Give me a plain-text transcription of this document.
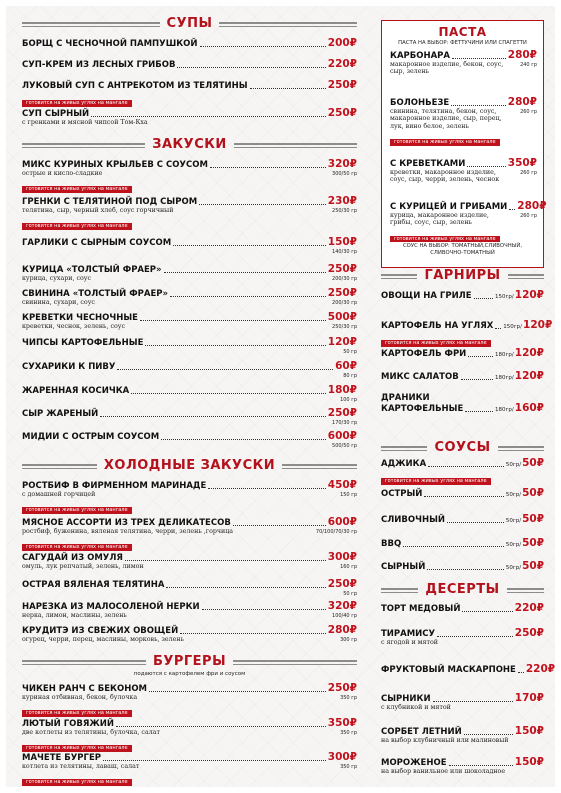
СУПЫ
БОРЩ С ЧЕСНОЧНОЙ ПАМПУШКОЙ	200₽
СУП-КРЕМ ИЗ ЛЕСНЫХ ГРИБОВ	220₽
ЛУКОВЫЙ СУП С АНТРЕКОТОМ ИЗ ТЕЛЯТИНЫ	250₽
готовится на живых углях на мангале
СУП СЫРНЫЙ	250₽
с гренками и мясной чипсой Том-Кха
ЗАКУСКИ
МИКС КУРИНЫХ КРЫЛЬЕВ С СОУСОМ	320₽
острые и кисло-сладкие	300/50 гр
готовится на живых углях на мангале
ГРЕНКИ С ТЕЛЯТИНОЙ ПОД СЫРОМ	230₽
телятина, сыр, черный хлеб, соус горчичный	250/30 гр
готовится на живых углях на мангале
ГАРЛИКИ С СЫРНЫМ СОУСОМ	150₽
140/30 гр
КУРИЦА «ТОЛСТЫЙ ФРАЕР»	250₽
курица, сухари, соус	200/30 гр
СВИНИНА «ТОЛСТЫЙ ФРАЕР»	250₽
свинина, сухари, соус	200/30 гр
КРЕВЕТКИ ЧЕСНОЧНЫЕ	500₽
креветки, чеснок, зелень, соус	250/30 гр
ЧИПСЫ КАРТОФЕЛЬНЫЕ	120₽
50 гр
СУХАРИКИ К ПИВУ	60₽
80 гр
ЖАРЕННАЯ КОСИЧКА	180₽
100 гр
СЫР ЖАРЕНЫЙ	250₽
170/30 гр
МИДИИ С ОСТРЫМ СОУСОМ	600₽
500/50 гр
ХОЛОДНЫЕ ЗАКУСКИ
РОСТБИФ В ФИРМЕННОМ МАРИНАДЕ	450₽
с домашней горчицей	150 гр
готовится на живых углях на мангале
МЯСНОЕ АССОРТИ ИЗ ТРЕХ ДЕЛИКАТЕСОВ	600₽
ростбиф, буженина, вяленая телятина, черри, зелень ,горчица	70/100/70/30 гр
готовится на живых углях на мангале
САГУДАЙ ИЗ ОМУЛЯ	300₽
омуль, лук репчатый, зелень, лимон	160 гр
ОСТРАЯ ВЯЛЕНАЯ ТЕЛЯТИНА	250₽
50 гр
НАРЕЗКА ИЗ МАЛОСОЛЕНОЙ НЕРКИ	320₽
нерка, лимон, маслины, зелень	100/40 гр
КРУДИТЭ ИЗ СВЕЖИХ ОВОЩЕЙ	280₽
огурец, черри, перец, маслины, морковь, зелень	300 гр
БУРГЕРЫ
подаются с картофелем фри и соусом
ЧИКЕН РАНЧ С БЕКОНОМ	250₽
куриная отбивная, бекон, булочка	350 гр
готовится на живых углях на мангале
ЛЮТЫЙ ГОВЯЖИЙ	350₽
две котлеты из телятины, булочка, салат	350 гр
готовится на живых углях на мангале
МАЧЕТЕ БУРГЕР	300₽
котлета из телятины, лаваш, салат	350 гр
готовится на живых углях на мангале
ПАСТА
ПАСТА НА ВЫБОР: ФЕТТУЧИНИ ИЛИ СПАГЕТТИ
КАРБОНАРА	280₽
макаронное изделие, бекон, соус, сыр, зелень
240 гр
БОЛОНЬЕЗЕ	280₽
свинина, телятина, бекон, соус, макаронное изделие, сыр, перец, лук, вино белое, зелень
260 гр
готовится на живых углях на мангале
С КРЕВЕТКАМИ	350₽
креветки, макаронное изделие, соус, сыр, черри, зелень, чеснок
260 гр
С КУРИЦЕЙ И ГРИБАМИ 280₽
курица, макаронное изделие, грибы, соус, сыр, зелень
260 гр
готовится на живых углях на мангале
СОУС НА ВЫБОР: ТОМАТНЫЙ,СЛИВОЧНЫЙ,
СЛИВОЧНО-ТОМАТНЫЙ
ГАРНИРЫ
ОВОЩИ НА ГРИЛЕ	150гр/ 120₽
КАРТОФЕЛЬ НА УГЛЯХ 150гр/ 120₽
готовится на живых углях на мангале
КАРТОФЕЛЬ ФРИ	180гр/ 120₽
МИКС САЛАТОВ	180гр/ 120₽
ДРАНИКИ
КАРТОФЕЛЬНЫЕ	180гр/ 160₽
СОУСЫ
АДЖИКА	50гр/ 50₽
готовится на живых углях на мангале
ОСТРЫЙ	50гр/ 50₽
СЛИВОЧНЫЙ	50гр/ 50₽
BBQ	50гр/ 50₽
СЫРНЫЙ	50гр/ 50₽
ДЕСЕРТЫ
ТОРТ МЕДОВЫЙ	220₽
ТИРАМИСУ	250₽
с ягодой и мятой
ФРУКТОВЫЙ МАСКАРПОНЕ 220₽
СЫРНИКИ	170₽
с клубникой и мятой
СОРБЕТ ЛЕТНИЙ	150₽
на выбор клубничный или малиновый
МОРОЖЕНОЕ	150₽
на выбор ванильное или шоколадное
